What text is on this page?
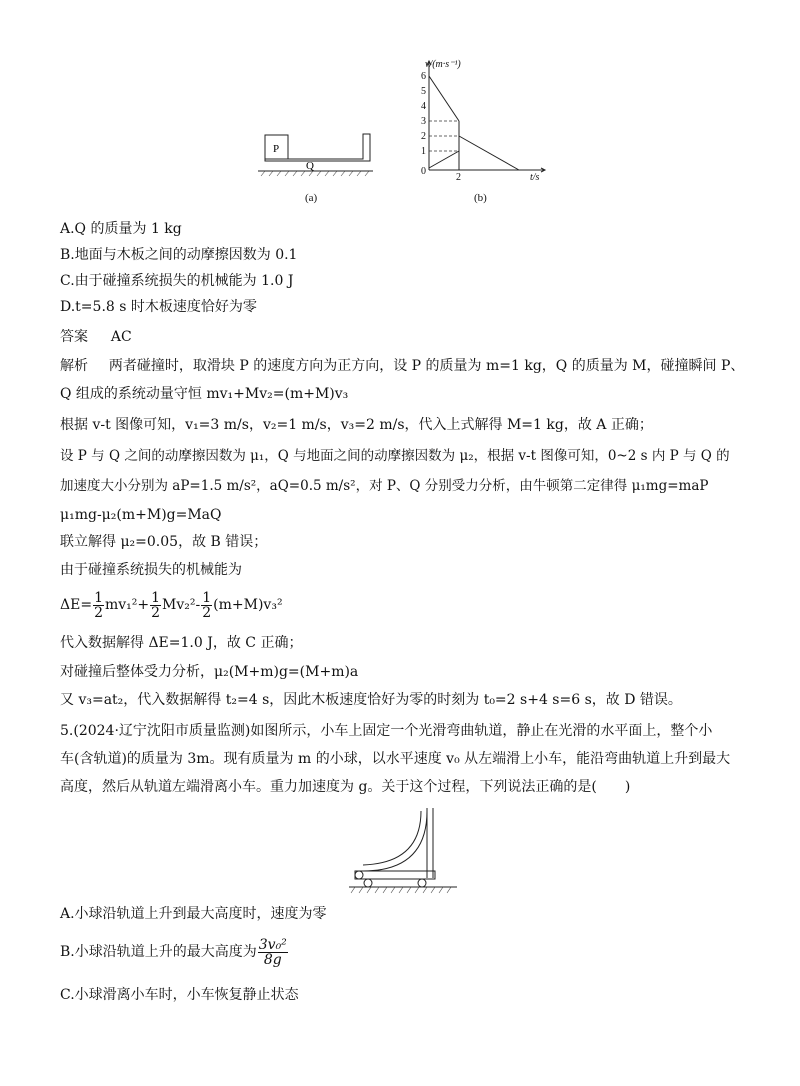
P
Q
(a)
v/(m·s⁻¹)
6
5
4
3
2
1
0
2	t/s
(b)
A.Q 的质量为 1 kg
B.地面与木板之间的动摩擦因数为 0.1
C.由于碰撞系统损失的机械能为 1.0 J
D.t=5.8 s 时木板速度恰好为零
答案 AC
解析 两者碰撞时，取滑块 P 的速度方向为正方向，设 P 的质量为 m=1 kg，Q 的质量为 M，碰撞瞬间 P、
Q 组成的系统动量守恒 mv₁+Mv₂=(m+M)v₃
根据 v-t 图像可知，v₁=3 m/s，v₂=1 m/s，v₃=2 m/s，代入上式解得 M=1 kg，故 A 正确；
设 P 与 Q 之间的动摩擦因数为 μ₁，Q 与地面之间的动摩擦因数为 μ₂，根据 v-t 图像可知，0~2 s 内 P 与 Q 的
加速度大小分别为 aP=1.5 m/s²，aQ=0.5 m/s²，对 P、Q 分别受力分析，由牛顿第二定律得 μ₁mg=maP
μ₁mg-μ₂(m+M)g=MaQ
联立解得 μ₂=0.05，故 B 错误；
由于碰撞系统损失的机械能为
$\Delta E= \frac{1}{2} mv_1^2+ \frac{1}{2} Mv_2^2- \frac{1}{2} (m+M)v_3^2$
代入数据解得 ΔE=1.0 J，故 C 正确；
对碰撞后整体受力分析，μ₂(M+m)g=(M+m)a
又 v₃=at₂，代入数据解得 t₂=4 s，因此木板速度恰好为零的时刻为 t₀=2 s+4 s=6 s，故 D 错误。
5.(2024·辽宁沈阳市质量监测)如图所示，小车上固定一个光滑弯曲轨道，静止在光滑的水平面上，整个小
车(含轨道)的质量为 3m。现有质量为 m 的小球，以水平速度 v₀ 从左端滑上小车，能沿弯曲轨道上升到最大
高度，然后从轨道左端滑离小车。重力加速度为 g。关于这个过程，下列说法正确的是(　　)
A.小球沿轨道上升到最大高度时，速度为零
B.小球沿轨道上升的最大高度为 $\frac{\text{3v₀²}}{8g}$
C.小球滑离小车时，小车恢复静止状态
